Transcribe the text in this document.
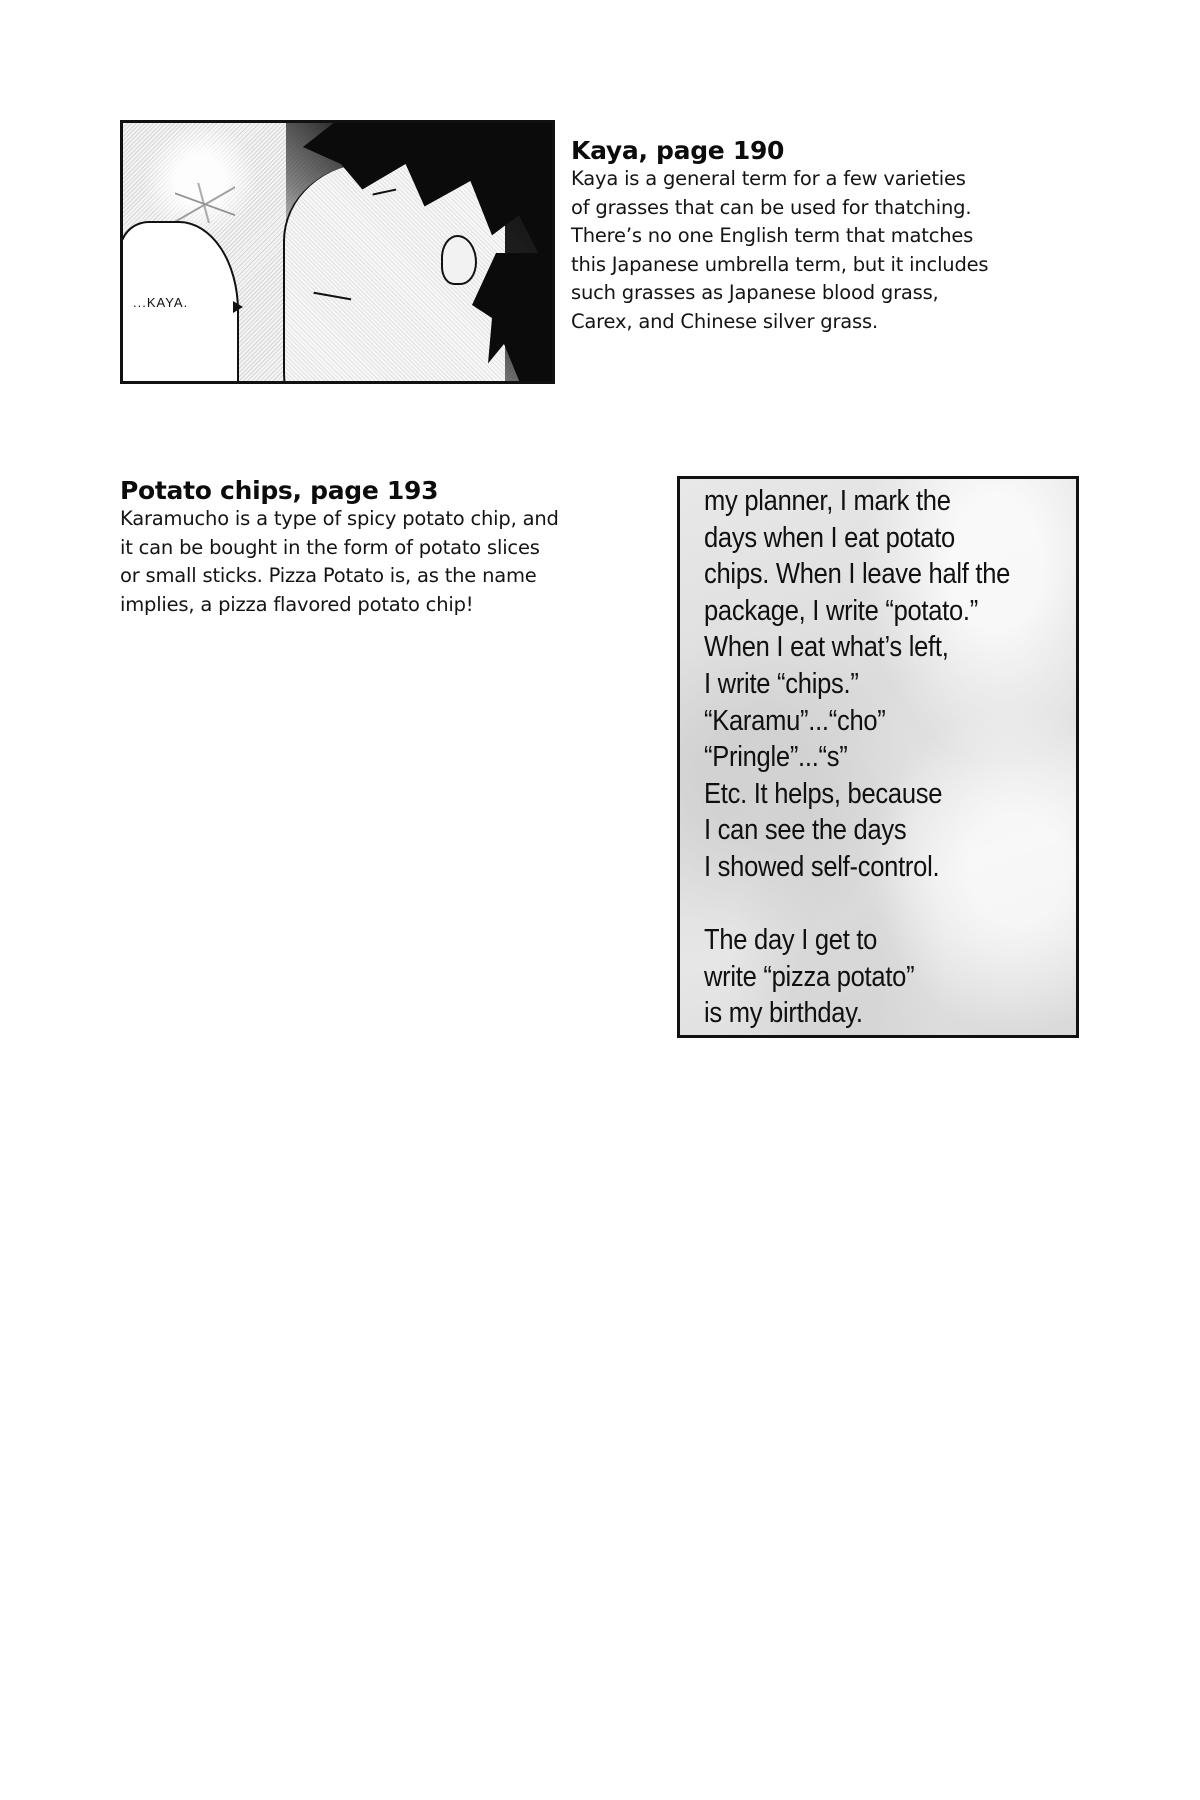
...KAYA.
Kaya, page 190

Kaya is a general term for a few varieties
of grasses that can be used for thatching.
There’s no one English term that matches
this Japanese umbrella term, but it includes
such grasses as Japanese blood grass,
Carex, and Chinese silver grass.

Potato chips, page 193

Karamucho is a type of spicy potato chip, and
it can be bought in the form of potato slices
or small sticks. Pizza Potato is, as the name
implies, a pizza flavored potato chip!

my planner, I mark the
days when I eat potato
chips. When I leave half the
package, I write “potato.”
When I eat what’s left,
I write “chips.”
“Karamu”...“cho”
“Pringle”...“s”
Etc. It helps, because
I can see the days
I showed self-control.
The day I get to
write “pizza potato”
is my birthday.
